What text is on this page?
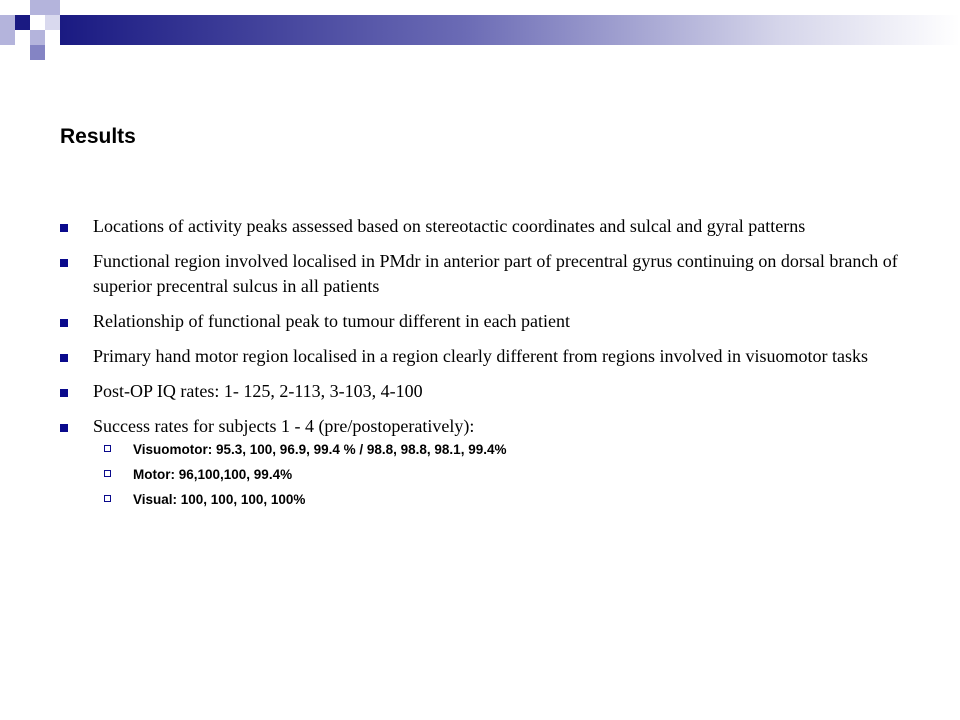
Results
Locations of activity peaks assessed based on stereotactic coordinates and sulcal and gyral patterns
Functional region involved localised in PMdr in anterior part of precentral gyrus continuing on dorsal branch of superior precentral sulcus in all patients
Relationship of functional peak to tumour different in each patient
Primary hand motor region localised in a region clearly different from regions involved in visuomotor tasks
Post-OP IQ rates: 1- 125, 2-113, 3-103, 4-100
Success rates for subjects 1 - 4 (pre/postoperatively):
Visuomotor: 95.3, 100, 96.9, 99.4 % / 98.8, 98.8, 98.1, 99.4%
Motor: 96,100,100, 99.4%
Visual: 100, 100, 100, 100%
